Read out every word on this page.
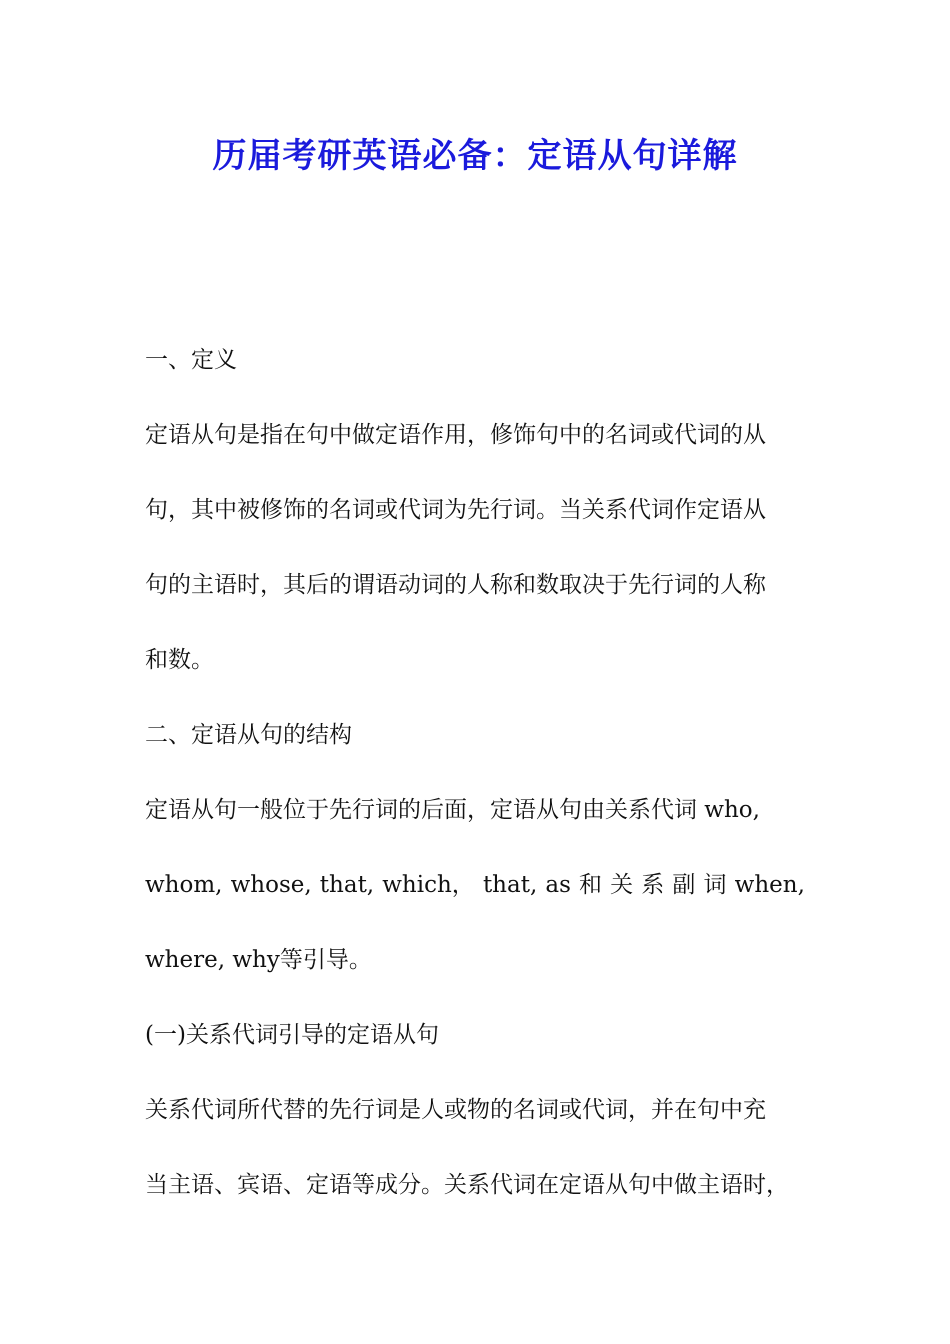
历届考研英语必备：定语从句详解
一、定义
定语从句是指在句中做定语作用，修饰句中的名词或代词的从
句，其中被修饰的名词或代词为先行词。当关系代词作定语从
句的主语时，其后的谓语动词的人称和数取决于先行词的人称
和数。
二、定语从句的结构
定语从句一般位于先行词的后面，定语从句由关系代词 who,
whom, whose, that, which， that, as 和 关 系 副 词 when,
where, why等引导。
(一)关系代词引导的定语从句
关系代词所代替的先行词是人或物的名词或代词，并在句中充
当主语、宾语、定语等成分。关系代词在定语从句中做主语时，
